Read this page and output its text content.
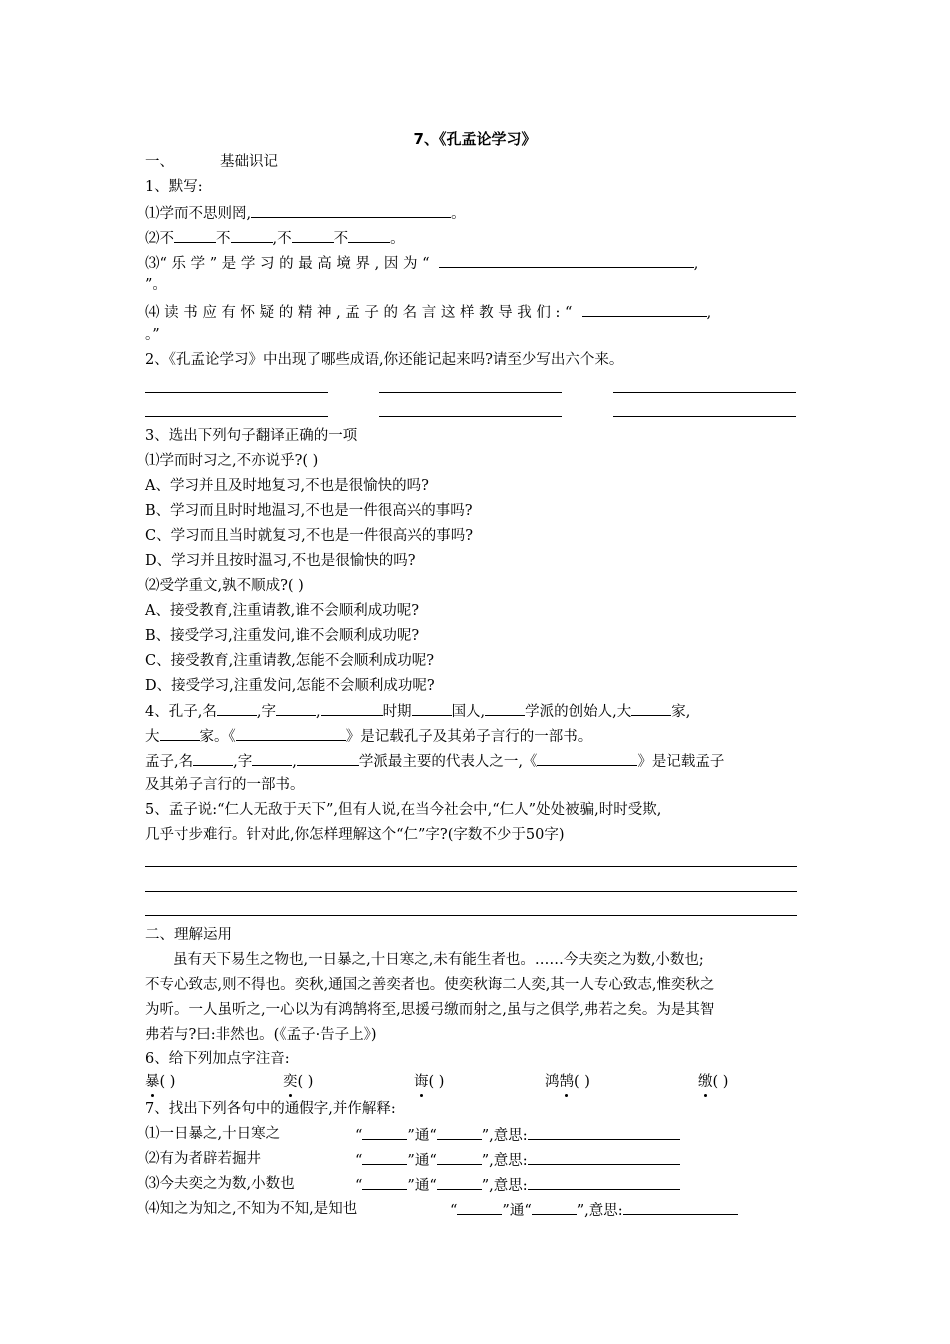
7、《孔孟论学习》
一、	基础识记
1、默写:
⑴学而不思则罔,	。
⑵不	不	,不	不	。
⑶“ 乐 学 ” 是 学 习 的 最 高 境 界 , 因 为 “	,
”。
⑷ 读 书 应 有 怀 疑 的 精 神 , 孟 子 的 名 言 这 样 教 导 我 们 : “	,
。”
2、《孔孟论学习》中出现了哪些成语,你还能记起来吗?请至少写出六个来。
3、选出下列句子翻译正确的一项
⑴学而时习之,不亦说乎?( )
A、学习并且及时地复习,不也是很愉快的吗?
B、学习而且时时地温习,不也是一件很高兴的事吗?
C、学习而且当时就复习,不也是一件很高兴的事吗?
D、学习并且按时温习,不也是很愉快的吗?
⑵受学重文,孰不顺成?( )
A、接受教育,注重请教,谁不会顺利成功呢?
B、接受学习,注重发问,谁不会顺利成功呢?
C、接受教育,注重请教,怎能不会顺利成功呢?
D、接受学习,注重发问,怎能不会顺利成功呢?
4、孔子,名	,字	,	时期	国人,	学派的创始人,大	家,
大	家。《	》是记载孔子及其弟子言行的一部书。
孟子,名	,字	,	学派最主要的代表人之一,《	》是记载孟子
及其弟子言行的一部书。
5、孟子说:“仁人无敌于天下”,但有人说,在当今社会中,“仁人”处处被骗,时时受欺,
几乎寸步难行。针对此,你怎样理解这个“仁”字?(字数不少于50字)
二、理解运用
虽有天下易生之物也,一日暴之,十日寒之,未有能生者也。……今夫奕之为数,小数也;
不专心致志,则不得也。奕秋,通国之善奕者也。使奕秋诲二人奕,其一人专心致志,惟奕秋之
为听。一人虽听之,一心以为有鸿鹄将至,思援弓缴而射之,虽与之俱学,弗若之矣。为是其智
弗若与?曰:非然也。(《孟子·告子上》)
6、给下列加点字注音:
暴( )	奕( )	诲( )	鸿鹄( )	缴( )
7、找出下列各句中的通假字,并作解释:
⑴一日暴之,十日寒之	“	”通“	”,意思:
⑵有为者辟若掘井	“	”通“	”,意思:
⑶今夫奕之为数,小数也	“	”通“	”,意思:
⑷知之为知之,不知为不知,是知也	“	”通“	”,意思:
